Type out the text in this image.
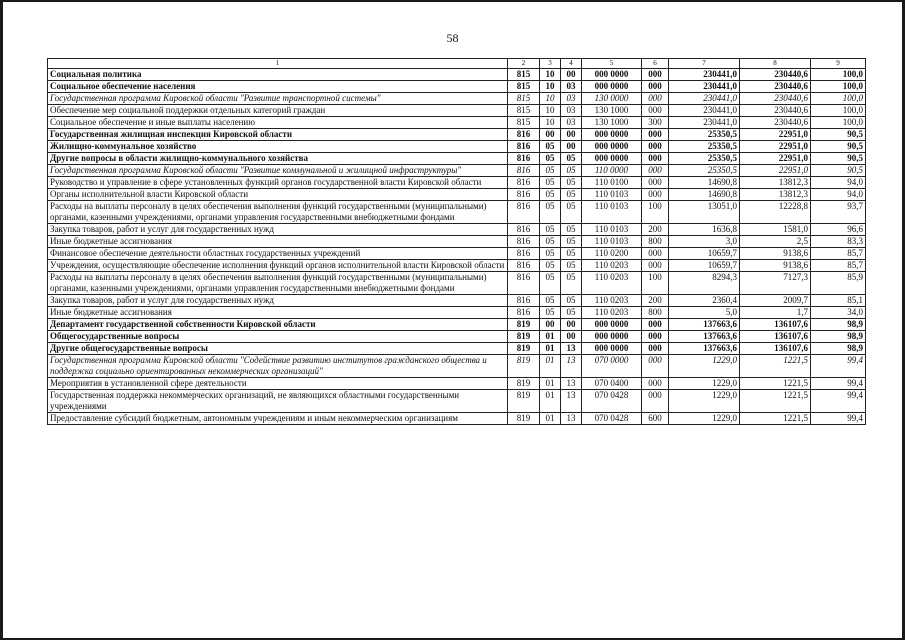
58
1	2	3	4	5	6	7	8	9
Социальная политика	815	10	00	000 0000	000	230441,0	230440,6	100,0
Социальное обеспечение населения	815	10	03	000 0000	000	230441,0	230440,6	100,0
Государственная программа Кировской области "Развитие транспортной системы"	815	10	03	130 0000	000	230441,0	230440,6	100,0
Обеспечение мер социальной поддержки отдельных категорий граждан	815	10	03	130 1000	000	230441,0	230440,6	100,0
Социальное обеспечение и иные выплаты населению	815	10	03	130 1000	300	230441,0	230440,6	100,0
Государственная жилищная инспекция Кировской области	816	00	00	000 0000	000	25350,5	22951,0	90,5
Жилищно-коммунальное хозяйство	816	05	00	000 0000	000	25350,5	22951,0	90,5
Другие вопросы в области жилищно-коммунального хозяйства	816	05	05	000 0000	000	25350,5	22951,0	90,5
Государственная программа Кировской области "Развитие коммунальной и жилищной инфраструктуры"	816	05	05	110 0000	000	25350,5	22951,0	90,5
Руководство и управление в сфере установленных функций органов государственной власти Кировской области	816	05	05	110 0100	000	14690,8	13812,3	94,0
Органы исполнительной власти Кировской области	816	05	05	110 0103	000	14690,8	13812,3	94,0
Расходы на выплаты персоналу в целях обеспечения выполнения функций государственными (муниципальными) органами, казенными учреждениями, органами управления государственными внебюджетными фондами	816	05	05	110 0103	100	13051,0	12228,8	93,7
Закупка товаров, работ и услуг для государственных нужд	816	05	05	110 0103	200	1636,8	1581,0	96,6
Иные бюджетные ассигнования	816	05	05	110 0103	800	3,0	2,5	83,3
Финансовое обеспечение деятельности областных государственных учреждений	816	05	05	110 0200	000	10659,7	9138,6	85,7
Учреждения, осуществляющие обеспечение исполнения функций органов исполнительной власти Кировской области	816	05	05	110 0203	000	10659,7	9138,6	85,7
Расходы на выплаты персоналу в целях обеспечения выполнения функций государственными (муниципальными) органами, казенными учреждениями, органами управления государственными внебюджетными фондами	816	05	05	110 0203	100	8294,3	7127,3	85,9
Закупка товаров, работ и услуг для государственных нужд	816	05	05	110 0203	200	2360,4	2009,7	85,1
Иные бюджетные ассигнования	816	05	05	110 0203	800	5,0	1,7	34,0
Департамент государственной собственности Кировской области	819	00	00	000 0000	000	137663,6	136107,6	98,9
Общегосударственные вопросы	819	01	00	000 0000	000	137663,6	136107,6	98,9
Другие общегосударственные вопросы	819	01	13	000 0000	000	137663,6	136107,6	98,9
Государственная программа Кировской области "Содействие развитию институтов гражданского общества и поддержка социально ориентированных некоммерческих организаций"	819	01	13	070 0000	000	1229,0	1221,5	99,4
Мероприятия в установленной сфере деятельности	819	01	13	070 0400	000	1229,0	1221,5	99,4
Государственная поддержка некоммерческих организаций, не являющихся областными государственными учреждениями	819	01	13	070 0428	000	1229,0	1221,5	99,4
Предоставление субсидий бюджетным, автономным учреждениям и иным некоммерческим организациям	819	01	13	070 0428	600	1229,0	1221,5	99,4
